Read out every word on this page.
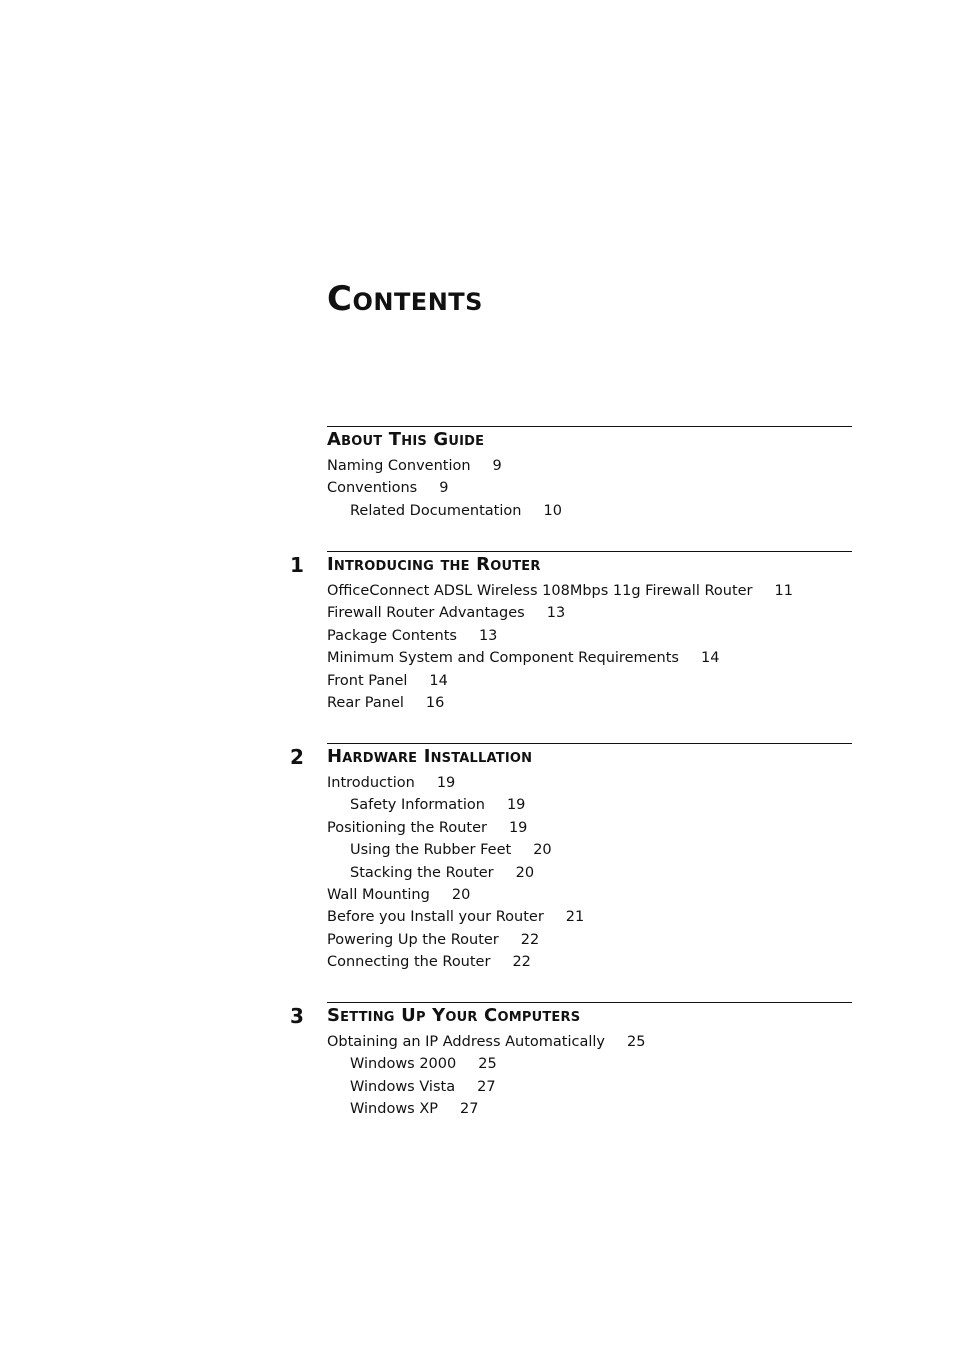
Contents
About This Guide
Naming Convention 9
Conventions 9
Related Documentation 10
1 Introducing the Router
OfficeConnect ADSL Wireless 108Mbps 11g Firewall Router 11
Firewall Router Advantages 13
Package Contents 13
Minimum System and Component Requirements 14
Front Panel 14
Rear Panel 16
2 Hardware Installation
Introduction 19
Safety Information 19
Positioning the Router 19
Using the Rubber Feet 20
Stacking the Router 20
Wall Mounting 20
Before you Install your Router 21
Powering Up the Router 22
Connecting the Router 22
3 Setting Up Your Computers
Obtaining an IP Address Automatically 25
Windows 2000 25
Windows Vista 27
Windows XP 27
